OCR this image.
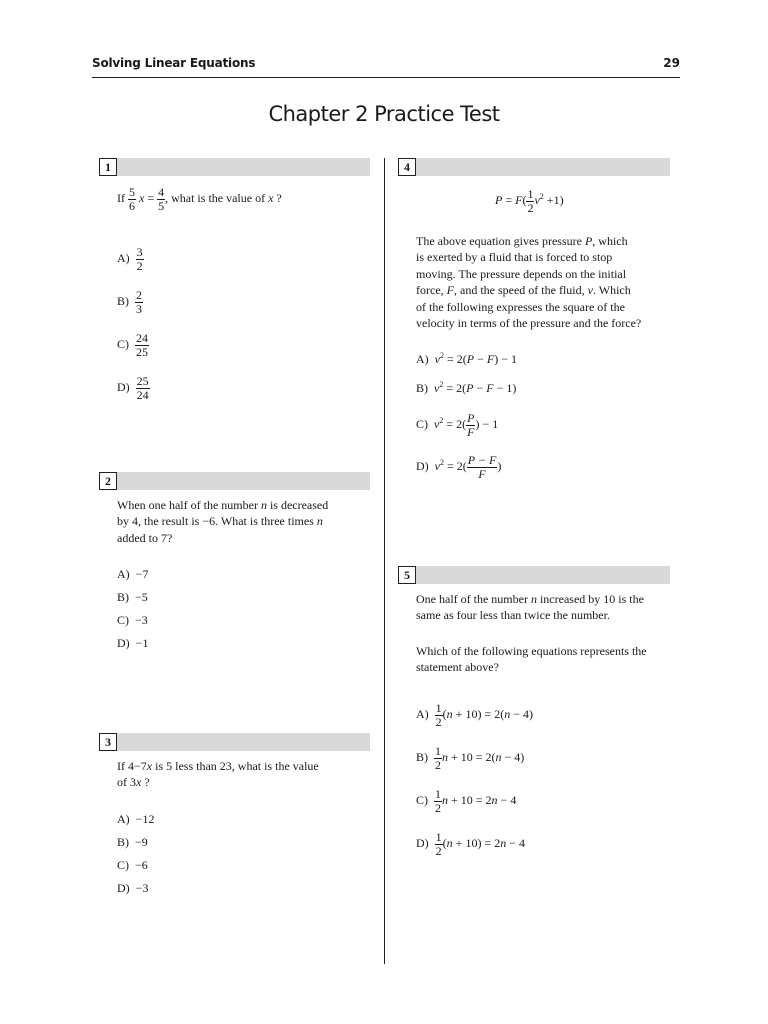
Solving Linear Equations	29
Chapter 2 Practice Test
1
If $\frac{5}{6}$ $x = \frac{4}{5}$ , what is the value of x ?
$A) \frac{3}{2}$
$B) \frac{2}{3}$
$C) \frac{24}{25}$
$D) \frac{25}{24}$
2
When one half of the number n is decreased
by 4, the result is −6. What is three times n
added to 7?
A) −7
B) −5
C) −3
D) −1
3
If 4−7x is 5 less than 23, what is the value
of 3x ?
A) −12
B) −9
C) −6
D) −3
4
$P = F( \frac{1}{2} v^2 +1)$
The above equation gives pressure P, which
is exerted by a fluid that is forced to stop
moving. The pressure depends on the initial
force, F, and the speed of the fluid, v. Which
of the following expresses the square of the
velocity in terms of the pressure and the force?
A) $v^2 = 2(P - F) - 1$
B) $v^2 = 2(P - F - 1)$
C) $v^2 = 2( \frac{P}{F}$ ) − 1
D) $v^2 = 2( \frac{P - F}{F}$ )
5
One half of the number n increased by 10 is the
same as four less than twice the number.
Which of the following equations represents the
statement above?
$A) \frac{1}{2} (n + 10) = 2(n - 4)$
$B) \frac{1}{2}$ n + 10 = 2(n − 4)
$C) \frac{1}{2}$ n + 10 = 2n − 4
$D) \frac{1}{2} (n + 10) = 2n - 4$
